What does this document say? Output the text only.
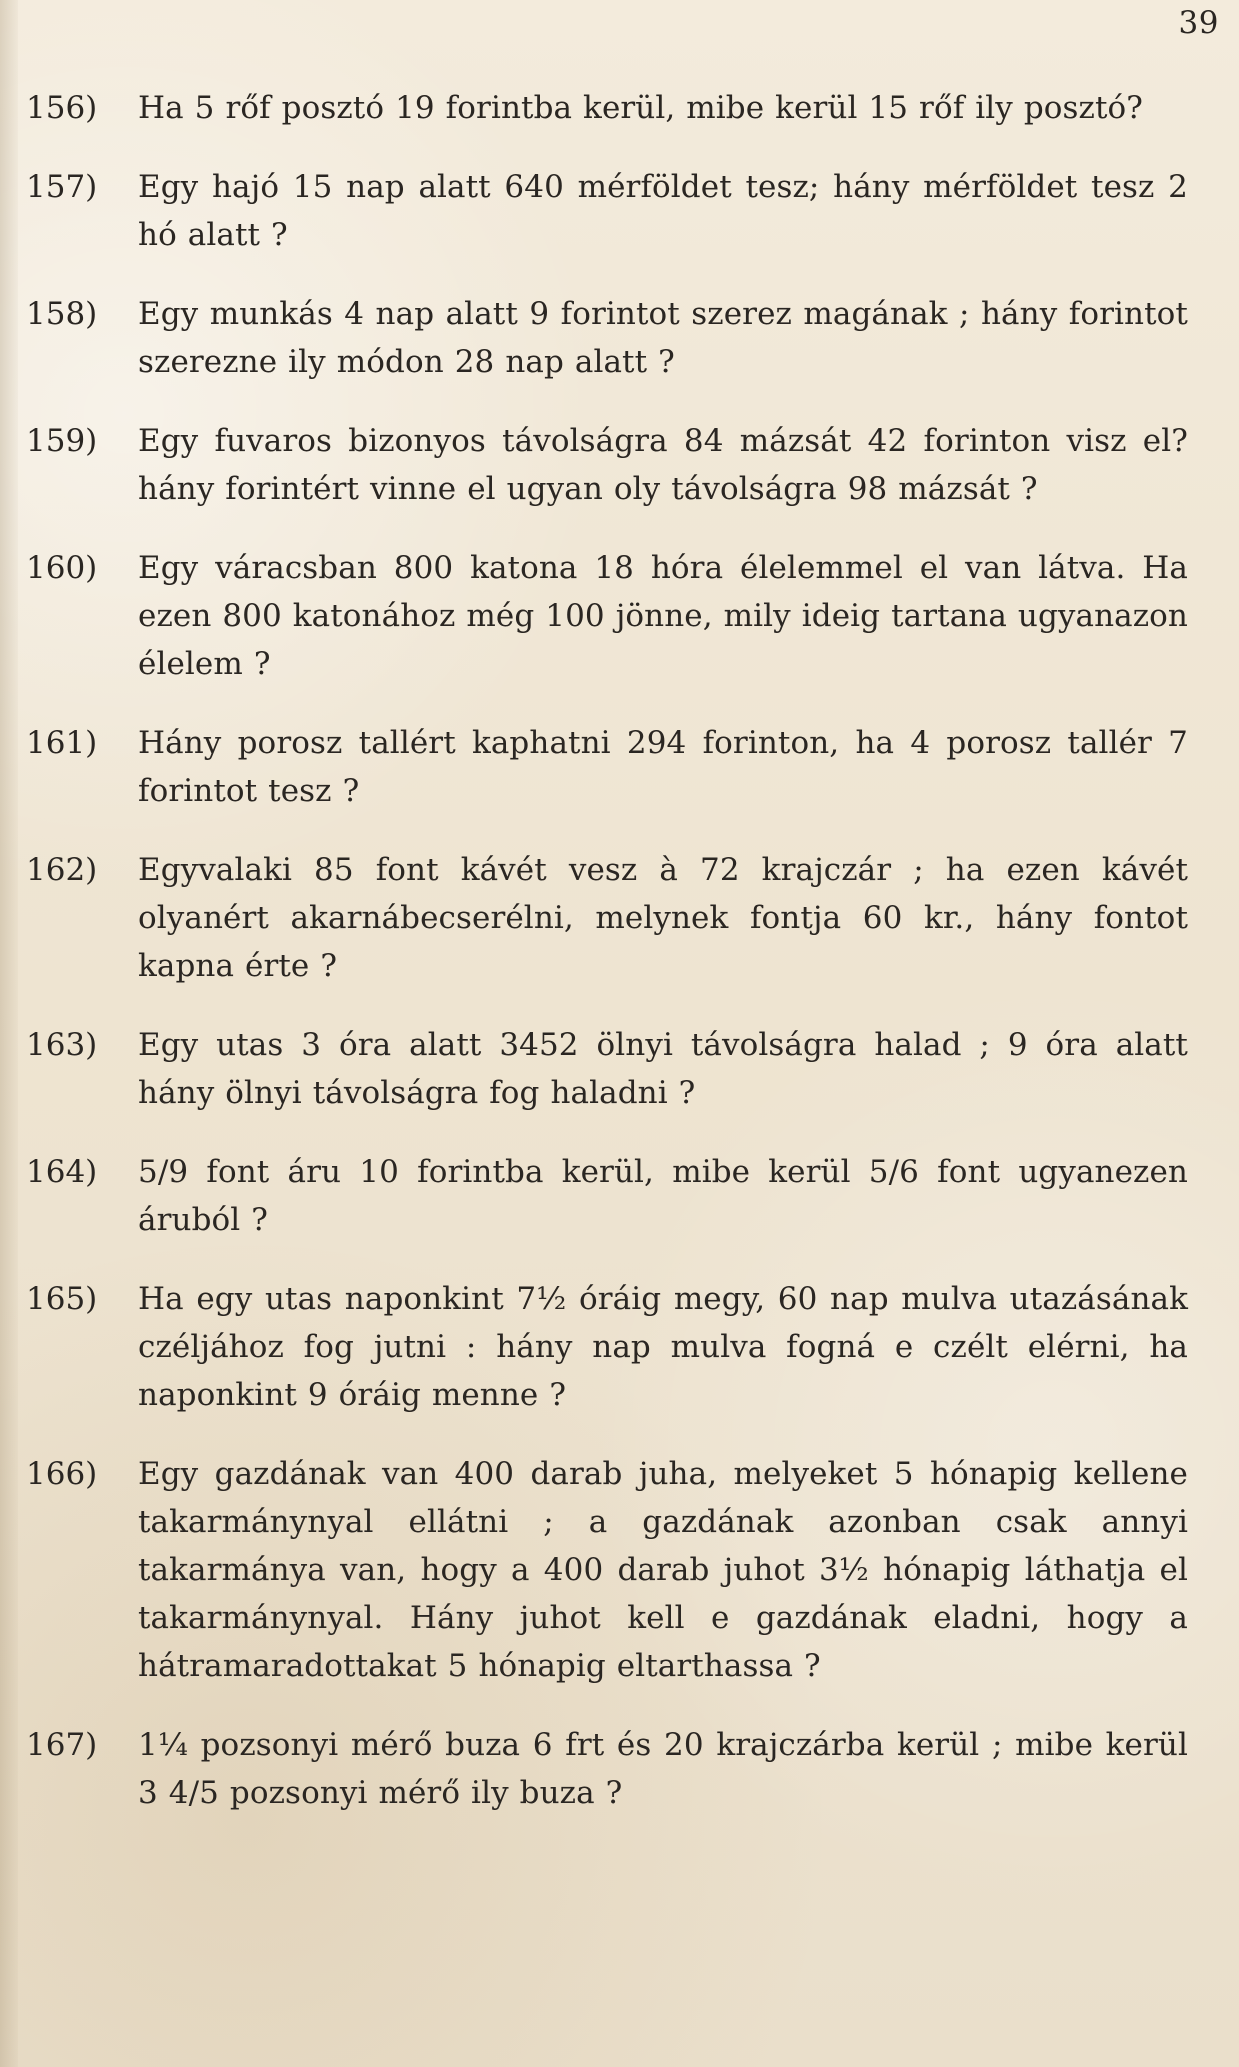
39
156)	Ha 5 rőf posztó 19 forintba kerül, mibe kerül 15 rőf ily posztó?
157)	Egy hajó 15 nap alatt 640 mérföldet tesz; hány mérföldet tesz 2 hó alatt ?
158)	Egy munkás 4 nap alatt 9 forintot szerez magának ; hány forintot szerezne ily módon 28 nap alatt ?
159)	Egy fuvaros bizonyos távolságra 84 mázsát 42 forinton visz el? hány forintért vinne el ugyan oly távolságra 98 mázsát ?
160)	Egy váracsban 800 katona 18 hóra élelemmel el van látva. Ha ezen 800 katonához még 100 jönne, mily ideig tartana ugyanazon élelem ?
161)	Hány porosz tallért kaphatni 294 forinton, ha 4 porosz tallér 7 forintot tesz ?
162)	Egyvalaki 85 font kávét vesz à 72 krajczár ; ha ezen kávét olyanért akarnábecserélni, melynek fontja 60 kr., hány fontot kapna érte ?
163)	Egy utas 3 óra alatt 3452 ölnyi távolságra halad ; 9 óra alatt hány ölnyi távolságra fog haladni ?
164)	5/9 font áru 10 forintba kerül, mibe kerül 5/6 font ugyanezen áruból ?
165)	Ha egy utas naponkint 7½ óráig megy, 60 nap mulva utazásának czéljához fog jutni : hány nap mulva fogná e czélt elérni, ha naponkint 9 óráig menne ?
166)	Egy gazdának van 400 darab juha, melyeket 5 hónapig kellene takarmánynyal ellátni ; a gazdának azonban csak annyi takarmánya van, hogy a 400 darab juhot 3½ hónapig láthatja el takarmánynyal. Hány juhot kell e gazdának eladni, hogy a hátramaradottakat 5 hónapig eltarthassa ?
167)	1¼ pozsonyi mérő buza 6 frt és 20 krajczárba kerül ; mibe kerül 3 4/5 pozsonyi mérő ily buza ?
